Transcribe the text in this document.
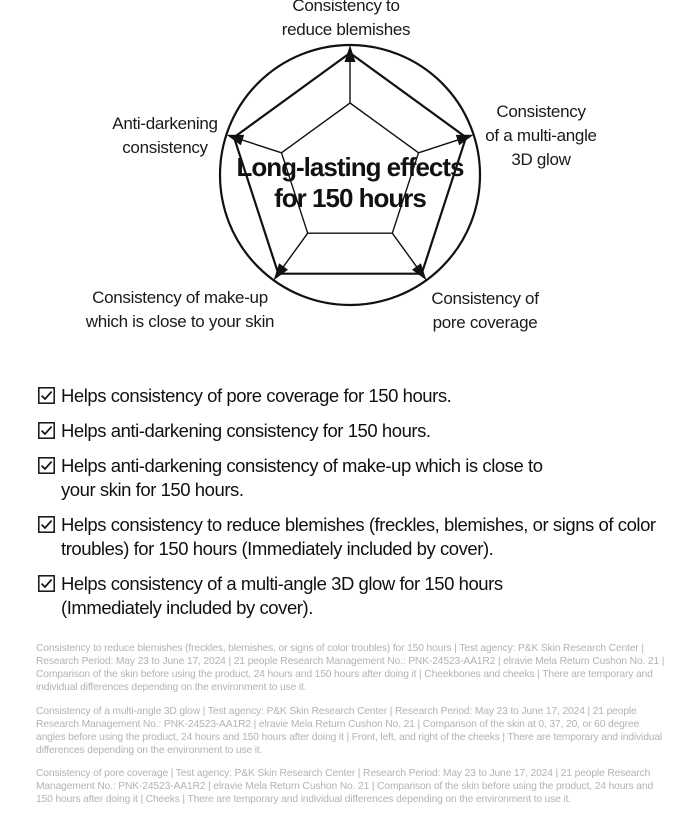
Consistency to
reduce blemishes
Consistency
of a multi-angle
3D glow
Anti-darkening
consistency
Consistency of make-up
which is close to your skin
Consistency of
pore coverage
Long-lasting effects
for 150 hours
Helps consistency of pore coverage for 150 hours.
Helps anti-darkening consistency for 150 hours.
Helps anti-darkening consistency of make-up which is close to
your skin for 150 hours.
Helps consistency to reduce blemishes (freckles, blemishes, or signs of color
troubles) for 150 hours (Immediately included by cover).
Helps consistency of a multi-angle 3D glow for 150 hours
(Immediately included by cover).

Consistency to reduce blemishes (freckles, blemishes, or signs of color troubles) for 150 hours | Test agency: P&K Skin Research Center | Research Period: May 23 to June 17, 2024 | 21 people Research Management No.: PNK-24523-AA1R2 | elravie Mela Return Cushon No. 21 | Comparison of the skin before using the product, 24 hours and 150 hours after doing it | Cheekbones and cheeks | There are temporary and individual differences depending on the environment to use it.

Consistency of a multi-angle 3D glow | Test agency: P&K Skin Research Center | Research Period: May 23 to June 17, 2024 | 21 people Research Management No.: PNK-24523-AA1R2 | elravie Mela Return Cushon No. 21 | Comparison of the skin at 0, 37, 20, or 60 degree angles before using the product, 24 hours and 150 hours after doing it | Front, left, and right of the cheeks | There are temporary and individual differences depending on the environment to use it.

Consistency of pore coverage | Test agency: P&K Skin Research Center | Research Period: May 23 to June 17, 2024 | 21 people Research Management No.: PNK-24523-AA1R2 | elravie Mela Return Cushon No. 21 | Comparison of the skin before using the product, 24 hours and 150 hours after doing it | Cheeks | There are temporary and individual differences depending on the environment to use it.
